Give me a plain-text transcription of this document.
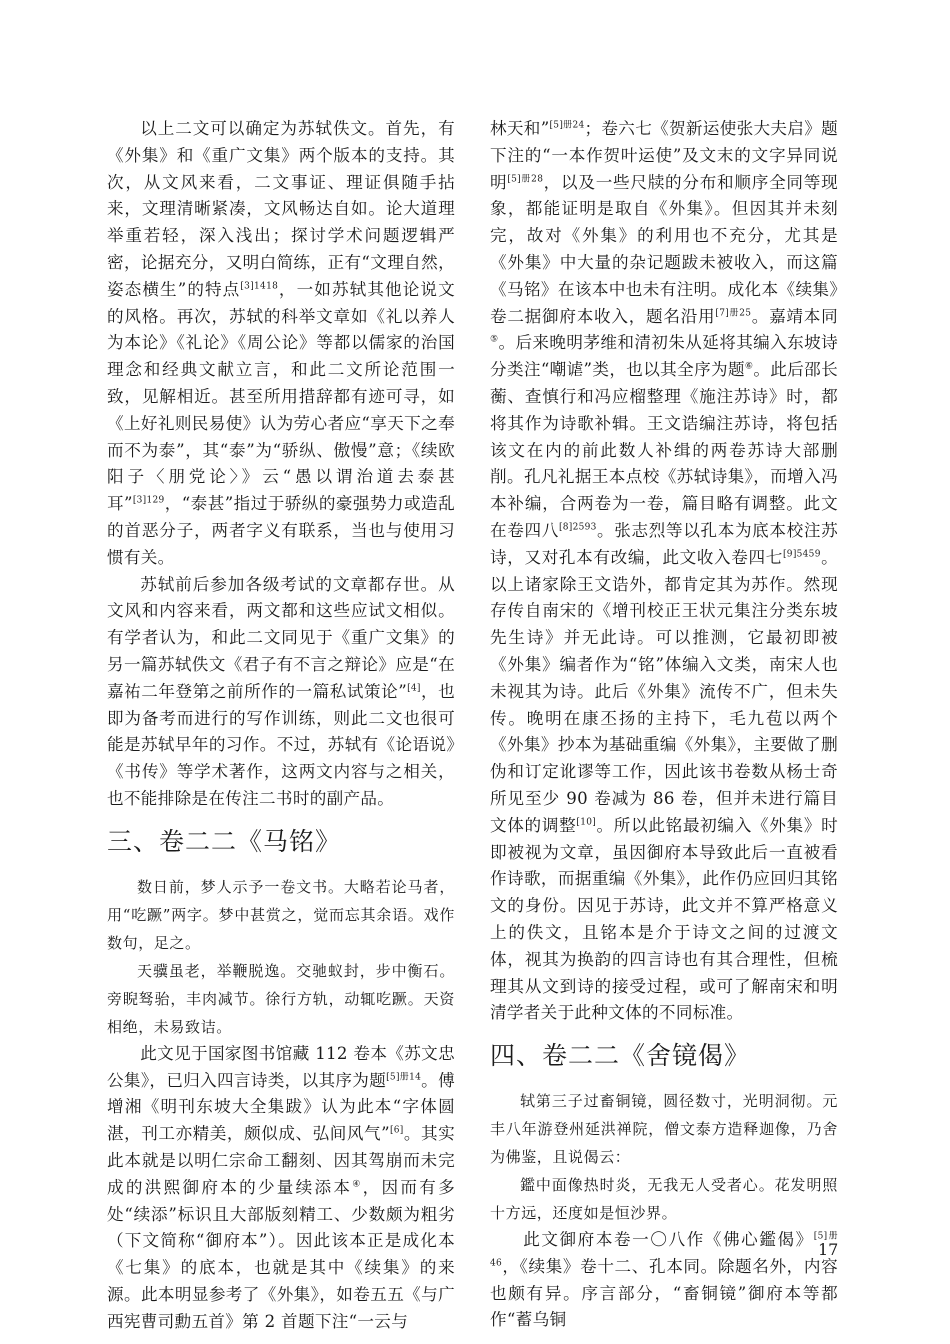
以上二文可以确定为苏轼佚文。首先，有《外集》和《重广文集》两个版本的支持。其次，从文风来看，二文事证、理证俱随手拈来，文理清晰紧凑，文风畅达自如。论大道理举重若轻，深入浅出；探讨学术问题逻辑严密，论据充分，又明白简练，正有“文理自然，姿态横生”的特点$^{[3]1418}$，一如苏轼其他论说文的风格。再次，苏轼的科举文章如《礼以养人为本论》《礼论》《周公论》等都以儒家的治国理念和经典文献立言，和此二文所论范围一致，见解相近。甚至所用措辞都有迹可寻，如《上好礼则民易使》认为劳心者应“享天下之奉而不为泰”，其“泰”为“骄纵、傲慢”意；《续欧阳子〈朋党论〉》云“愚以谓治道去泰甚耳”$^{[3]129}$，“泰甚”指过于骄纵的豪强势力或造乱的首恶分子，两者字义有联系，当也与使用习惯有关。

苏轼前后参加各级考试的文章都存世。从文风和内容来看，两文都和这些应试文相似。有学者认为，和此二文同见于《重广文集》的另一篇苏轼佚文《君子有不言之辩论》应是“在嘉祐二年登第之前所作的一篇私试策论”[4]，也即为备考而进行的写作训练，则此二文也很可能是苏轼早年的习作。不过，苏轼有《论语说》《书传》等学术著作，这两文内容与之相关，也不能排除是在传注二书时的副产品。

三、卷二二《马铭》
数日前，梦人示予一卷文书。大略若论马者，用“吃蹶”两字。梦中甚赏之，觉而忘其余语。戏作数句，足之。
天骥虽老，举鞭脱逸。交驰蚁封，步中衡石。旁睨驽骀，丰肉减节。徐行方轨，动辄吃蹶。天资相绝，未易致诘。

此文见于国家图书馆藏 112 卷本《苏文忠公集》，已归入四言诗类，以其序为题$^{[5]册14}$。傅增湘《明刊东坡大全集跋》认为此本“字体圆湛，刊工亦精美，颇似成、弘间风气”[6]。其实此本就是以明仁宗命工翻刻、因其驾崩而未完成的洪熙御府本的少量续添本④，因而有多处“续添”标识且大部版刻精工、少数颇为粗劣（下文简称“御府本”）。因此该本正是成化本《七集》的底本，也就是其中《续集》的来源。此本明显参考了《外集》，如卷五五《与广西宪曹司勳五首》第 2 首题下注“一云与

林天和”$^{[5]册24}$；卷六七《贺新运使张大夫启》题下注的“一本作贺叶运使”及文末的文字异同说明$^{[5]册28}$，以及一些尺牍的分布和顺序全同等现象，都能证明是取自《外集》。但因其并未刻完，故对《外集》的利用也不充分，尤其是《外集》中大量的杂记题跋未被收入，而这篇《马铭》在该本中也未有注明。成化本《续集》卷二据御府本收入，题名沿用$^{[7]册25}$。嘉靖本同⑤。后来晚明茅维和清初朱从延将其编入东坡诗分类注“嘲谑”类，也以其全序为题⑥。此后邵长蘅、查慎行和冯应榴整理《施注苏诗》时，都将其作为诗歌补辑。王文诰编注苏诗，将包括该文在内的前此数人补缉的两卷苏诗大部删削。孔凡礼据王本点校《苏轼诗集》，而增入冯本补编，合两卷为一卷，篇目略有调整。此文在卷四八$^{[8]2593}$。张志烈等以孔本为底本校注苏诗，又对孔本有改编，此文收入卷四七$^{[9]5459}$。以上诸家除王文诰外，都肯定其为苏作。然现存传自南宋的《增刊校正王状元集注分类东坡先生诗》并无此诗。可以推测，它最初即被《外集》编者作为“铭”体编入文类，南宋人也未视其为诗。此后《外集》流传不广，但未失传。晚明在康丕扬的主持下，毛九苞以两个《外集》抄本为基础重编《外集》，主要做了删伪和订定讹谬等工作，因此该书卷数从杨士奇所见至少 90 卷减为 86 卷，但并未进行篇目文体的调整[10]。所以此铭最初编入《外集》时即被视为文章，虽因御府本导致此后一直被看作诗歌，而据重编《外集》，此作仍应回归其铭文的身份。因见于苏诗，此文并不算严格意义上的佚文，且铭本是介于诗文之间的过渡文体，视其为换韵的四言诗也有其合理性，但梳理其从文到诗的接受过程，或可了解南宋和明清学者关于此种文体的不同标准。

四、卷二二《舍镜偈》
轼第三子过畜铜镜，圆径数寸，光明洞彻。元丰八年游登州延洪禅院，僧文泰方造释迦像，乃舍为佛鉴，且说偈云：
鑑中面像热时炎，无我无人受者心。花发明照十方远，还度如是恒沙界。

此文御府本卷一〇八作《佛心鑑偈》$^{[5]册46}$，《续集》卷十二、孔本同。除题名外，内容也颇有异。序言部分，“畜铜镜”御府本等都作“蓄乌铜

17
